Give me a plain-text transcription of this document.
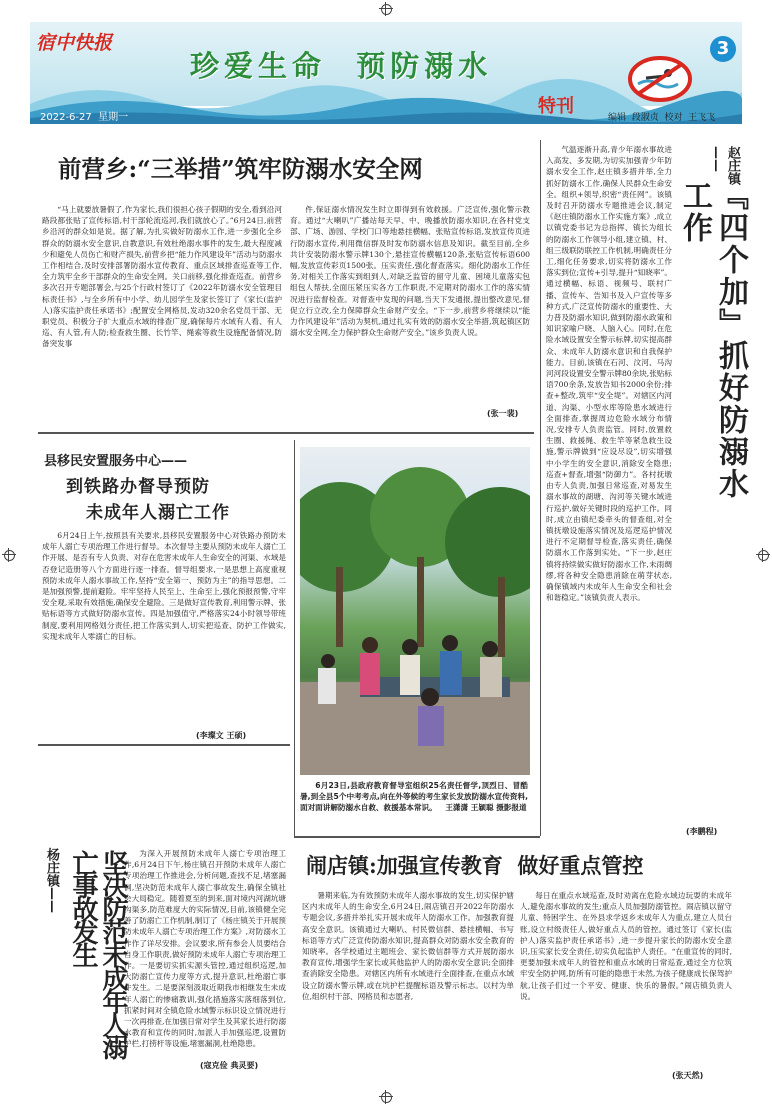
宿中快报
珍爱生命  预防溺水
3
2022-6-27 星期一
特刊
编辑  段淑贞  校对  王飞飞
前营乡:“三举措”筑牢防溺水安全网
“马上就要放暑假了,作为家长,我们很担心孩子假期的安全,看到沿河路段都张贴了宣传标语,村干部轮流巡河,我们就放心了。”6月24日,前营乡沿河的群众如是说。据了解,为扎实做好防溺水工作,进一步强化全乡群众的防溺水安全意识,自教意识,有效杜绝溺水事件的发生,最大程度减少和避免人员伤亡和财产损失,前营乡把“能力作风建设年”活动与防溺水工作相结合,及时安排部署防溺水宣传教育、重点区域排查巡查等工作,全力筑牢全乡干部群众的生命安全网。关口前移,强化排查巡查。前营乡多次召开专题部署会,与25个行政村签订了《2022年防溺水安全管理目标责任书》,与全乡所有中小学、幼儿园学生及家长签订了《家长(监护人)落实监护责任承诺书》;配置安全网格员,发动320余名党员干部、无职党员、积极分子扩大重点水域的排查广度,确保每片水域有人看、有人巡、有人管,有人防;检查救生圈、长竹竿、绳索等救生设施配备情况,防备突发事
件,保证溺水情况发生时立即得到有效救援。广泛宣传,强化警示教育。通过“大喇叭”广播站每天早、中、晚播放防溺水知识,在各村党支部、广场、游园、学校门口等地悬挂横幅、张贴宣传标语,发放宣传页进行防溺水宣传,利用微信群及时发布防溺水信息及知识。截至目前,全乡共计安装防溺水警示牌130个,悬挂宣传横幅120条,张贴宣传标语600幅,发放宣传彩页1500张。压实责任,强化督查落实。细化防溺水工作任务,对相关工作落实到组到人,对缺乏监管的留守儿童、困境儿童落实包组包人帮扶,全面压紧压实各方工作职责,不定期对防溺水工作的落实情况进行监督检查。对督查中发现的问题,当天下发通报,提出整改意见,督促立行立改,全力保障群众生命财产安全。“下一步,前营乡将继续以“能力作风建设年”活动为契机,通过扎实有效的防溺水安全举措,筑起镇区防溺水安全网,全力保护群众生命财产安全。”该乡负责人说。
(张一裴)
县移民安置服务中心——
到铁路办督导预防
未成年人溺亡工作
6月24日上午,按照县有关要求,县移民安置服务中心对铁路办预防未成年人溺亡专项治理工作进行督导。本次督导主要从预防未成年人溺亡工作开展、是否有专人负责、对存在危害未成年人生命安全的河渠、水域是否登记造册等八个方面进行逐一排查。督导组要求,一是思想上高度重视预防未成年人溺水事故工作,坚持“安全第一、预防为主”的指导思想。二是加强预警,提前避险。牢牢坚持人民至上、生命至上,强化预报预警,守牢安全观,采取有效措施,确保安全避险。三是做好宣传教育,利用警示牌、张贴标语等方式做好防溺水宣传。四是加强值守,严格落实24小时领导带班制度,要利用网格划分责任,把工作落实到人,切实把巡查、防护工作做实,实现未成年人零溺亡的目标。
(李璨文 王硕)
6月23日,县政府教育督导室组织25名责任督学,顶烈日、冒酷暑,到全县5个中考考点,向在外等候的考生家长发放防溺水宣传资料,面对面讲解防溺水自救、救援基本常识。 王潇潇 王颖聪 摄影报道
杨庄镇——	坚决防范未成年人溺亡事故发生	为深入开展预防未成年人溺亡专项治理工作,6月24日下午,杨庄镇召开预防未成年人溺亡专项治理工作推进会,分析问题,查找不足,堵塞漏洞,坚决防范未成年人溺亡事故发生,确保全镇社会大局稳定。随着夏至的到来,面对境内河湖坑塘沟渠多,防范难度大的实际情况,目前,该镇健全完善了防溺亡工作机制,制订了《杨庄镇关于开展预防未成年人溺亡专项治理工作方案》,对防溺水工作作了详尽安排。会议要求,所有参会人员要结合自身工作职责,做好预防未成年人溺亡专项治理工作。一是要切实抓实源头管控,通过组织巡逻,加大防溺亡宣传力度等方式,提升意识,杜绝溺亡事件发生。二是要深刻汲取近期我市相继发生未成年人溺亡的惨痛教训,强化措施落实落细落到位,抓紧时间对全镇危险水域警示标识设立情况进行一次再排查,在加强日常对学生及其家长进行防溺水教育和宣传的同时,加派人手加强巡逻,设置防护栏,打捞杆等设施,堵塞漏洞,杜绝隐患。
(寇克俭 典灵要)
气温逐渐升高,青少年溺水事故进入高发、多发期,为切实加强青少年防溺水安全工作,赵庄镇多措并举,全力抓好防溺水工作,确保人民群众生命安全。组织+领导,织密“责任网”。该镇及时召开防溺水专题推进会议,制定《赵庄镇防溺水工作实施方案》,成立以镇党委书记为总指挥、镇长为组长的防溺水工作领导小组,建立镇、村、组三级联防联控工作机制,明确责任分工,细化任务要求,切实将防溺水工作落实到位;宣传+引导,提升“知晓率”。通过横幅、标语、视频号、联村广播、宣传车、告知书及入户宣传等多种方式,广泛宣传防溺水的重要性、大力普及防溺水知识,做到防溺水政策和知识家喻户晓、人脑入心。同时,在危险水域设置安全警示标牌,切实提高群众、未成年人防溺水意识和自我保护能力。目前,该镇在石河、汶河、马沟河河段设置安全警示牌80余块,张贴标语700余条,发放告知书2000余份;排查+整改,筑牢“安全堤”。对辖区内河道、沟渠、小型水库等险患水域进行全面排查,掌握周边危险水域分布情况,安排专人负责监管。同时,放置救生圈、救援绳、救生竿等紧急救生设施,警示牌做到“应设尽设”,切实增强中小学生的安全意识,消除安全隐患;巡查+督查,增强“防御力”。各村抚墩由专人负责,加强日常巡查,对易发生溺水事故的湖塘、沟河等关键水域进行巡护,做好关键时段的巡护工作。同时,成立由镇纪委牵头的督查组,对全镇抚墩设施落实情况及巡逻巡护情况进行不定期督导检查,落实责任,确保防溺水工作落到实处。“下一步,赵庄镇将持续做实做好防溺水工作,未雨绸缪,将各种安全隐患消除在萌芽状态,确保镇域内未成年人生命安全和社会和谐稳定。”该镇负责人表示。
赵庄镇——
『四个加』抓好防溺水工作
(李鹏程)
闹店镇:加强宣传教育  做好重点管控
暑期来临,为有效预防未成年人溺水事故的发生,切实保护辖区内未成年人的生命安全,6月24日,闹店镇召开2022年防溺水专题会议,多措并举扎实开展未成年人防溺水工作。加强教育提高安全意识。该镇通过大喇叭、村民微信群、悬挂横幅、书写标语等方式广泛宣传防溺水知识,提高群众对防溺水安全教育的知晓率。各学校通过主题班会、家长微信群等方式开展防溺水教育宣传,增强学生家长或其他监护人的防溺水安全意识;全面排查消除安全隐患。对辖区内所有水域进行全面排查,在重点水域设立防溺水警示牌,或在坑护栏提醒标语及警示标志。以村为单位,组织村干部、网格员和志愿者,
每日在重点水域巡查,及时劝离在危险水域边玩耍的未成年人,避免溺水事故的发生;重点人员加强防溺管控。闹店镇以留守儿童、特困学生、在外县求学返乡未成年人为重点,建立人员台账,设立村级责任人,做好重点人员的管控。通过签订《家长(监护人)落实监护责任承诺书》,进一步提升家长的防溺水安全意识,压实家长安全责任,切实负起监护人责任。“在重宣传的同时,更要加强未成年人的管控和重点水域的日常巡查,通过全方位筑牢安全防护网,防所有可能的隐患于未然,为孩子健康成长保驾护航,让孩子们过一个平安、健康、快乐的暑假。”闹店镇负责人说。
(张天然)
